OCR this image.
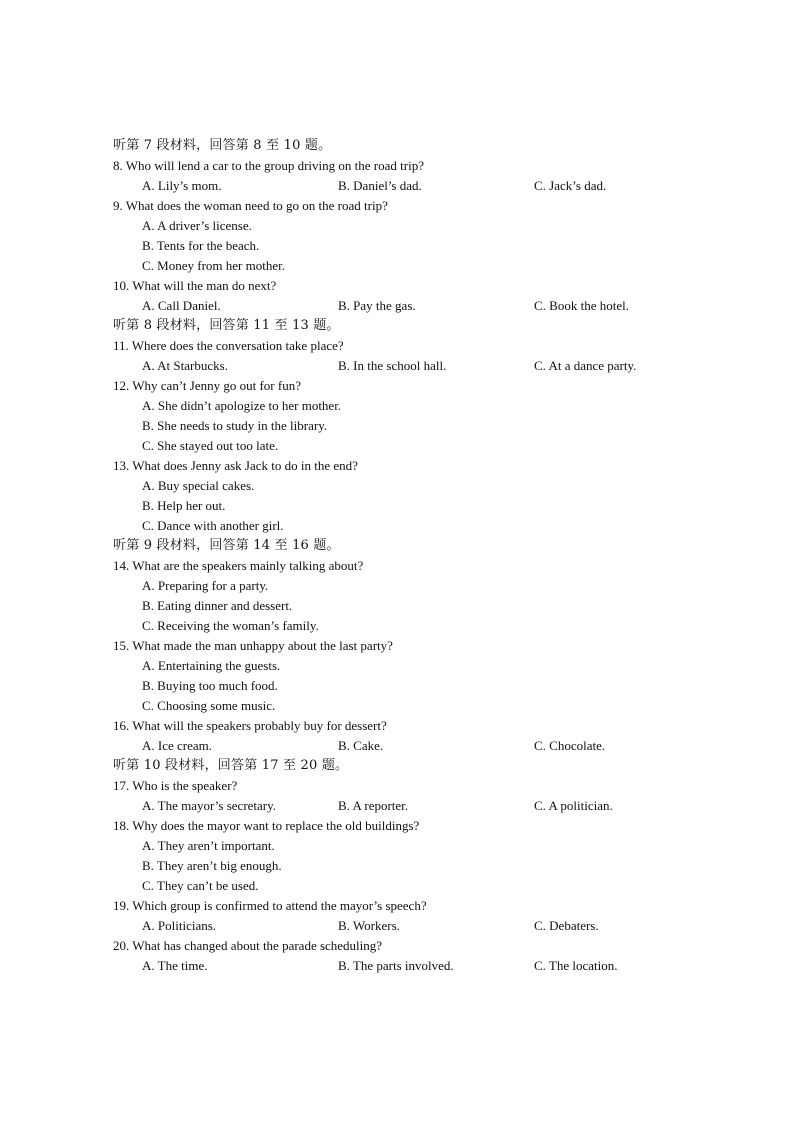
听第 7 段材料，回答第 8 至 10 题。
8. Who will lend a car to the group driving on the road trip?
A. Lily’s mom.	B. Daniel’s dad.	C. Jack’s dad.
9. What does the woman need to go on the road trip?
A. A driver’s license.
B. Tents for the beach.
C. Money from her mother.
10. What will the man do next?
A. Call Daniel.	B. Pay the gas.	C. Book the hotel.
听第 8 段材料，回答第 11 至 13 题。
11. Where does the conversation take place?
A. At Starbucks.	B. In the school hall.	C. At a dance party.
12. Why can’t Jenny go out for fun?
A. She didn’t apologize to her mother.
B. She needs to study in the library.
C. She stayed out too late.
13. What does Jenny ask Jack to do in the end?
A. Buy special cakes.
B. Help her out.
C. Dance with another girl.
听第 9 段材料，回答第 14 至 16 题。
14. What are the speakers mainly talking about?
A. Preparing for a party.
B. Eating dinner and dessert.
C. Receiving the woman’s family.
15. What made the man unhappy about the last party?
A. Entertaining the guests.
B. Buying too much food.
C. Choosing some music.
16. What will the speakers probably buy for dessert?
A. Ice cream.	B. Cake.	C. Chocolate.
听第 10 段材料，回答第 17 至 20 题。
17. Who is the speaker?
A. The mayor’s secretary.	B. A reporter.	C. A politician.
18. Why does the mayor want to replace the old buildings?
A. They aren’t important.
B. They aren’t big enough.
C. They can’t be used.
19. Which group is confirmed to attend the mayor’s speech?
A. Politicians.	B. Workers.	C. Debaters.
20. What has changed about the parade scheduling?
A. The time.	B. The parts involved.	C. The location.
